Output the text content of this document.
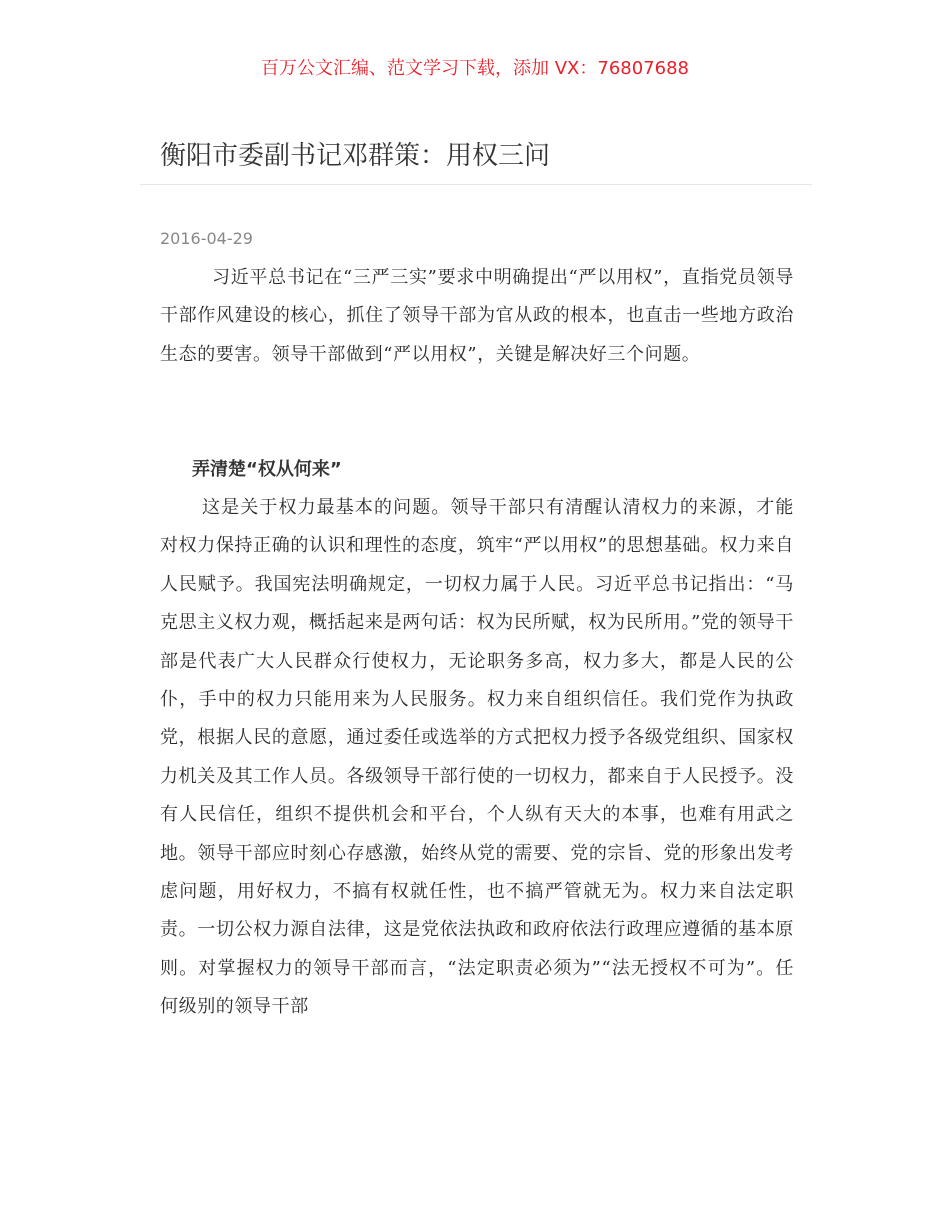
百万公文汇编、范文学习下载，添加 VX：76807688
衡阳市委副书记邓群策：用权三问
2016-04-29

习近平总书记在“三严三实”要求中明确提出“严以用权”，直指党员领导干部作风建设的核心，抓住了领导干部为官从政的根本，也直击一些地方政治生态的要害。领导干部做到“严以用权”，关键是解决好三个问题。

弄清楚“权从何来”

这是关于权力最基本的问题。领导干部只有清醒认清权力的来源，才能对权力保持正确的认识和理性的态度，筑牢“严以用权”的思想基础。权力来自人民赋予。我国宪法明确规定，一切权力属于人民。习近平总书记指出：“马克思主义权力观，概括起来是两句话：权为民所赋，权为民所用。”党的领导干部是代表广大人民群众行使权力，无论职务多高，权力多大，都是人民的公仆，手中的权力只能用来为人民服务。权力来自组织信任。我们党作为执政党，根据人民的意愿，通过委任或选举的方式把权力授予各级党组织、国家权力机关及其工作人员。各级领导干部行使的一切权力，都来自于人民授予。没有人民信任，组织不提供机会和平台，个人纵有天大的本事，也难有用武之地。领导干部应时刻心存感激，始终从党的需要、党的宗旨、党的形象出发考虑问题，用好权力，不搞有权就任性，也不搞严管就无为。权力来自法定职责。一切公权力源自法律，这是党依法执政和政府依法行政理应遵循的基本原则。对掌握权力的领导干部而言，“法定职责必须为”“法无授权不可为”。任何级别的领导干部
